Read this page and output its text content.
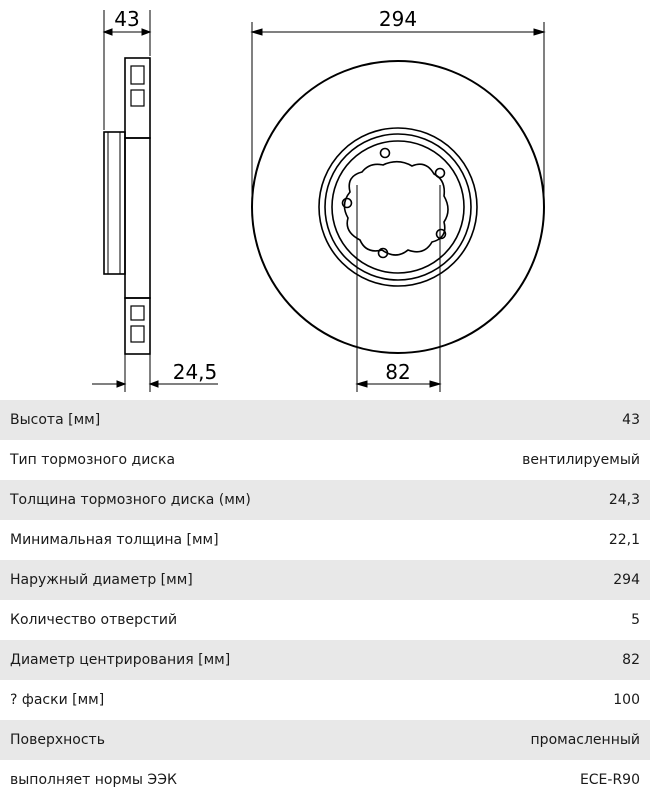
43	294
24,5	82
Высота [мм]	43
Тип тормозного диска	вентилируемый
Толщина тормозного диска (мм)	24,3
Минимальная толщина [мм]	22,1
Наружный диаметр [мм]	294
Количество отверстий	5
Диаметр центрирования [мм]	82
? фаски [мм]	100
Поверхность	промасленный
выполняет нормы ЭЭК	ECE-R90
